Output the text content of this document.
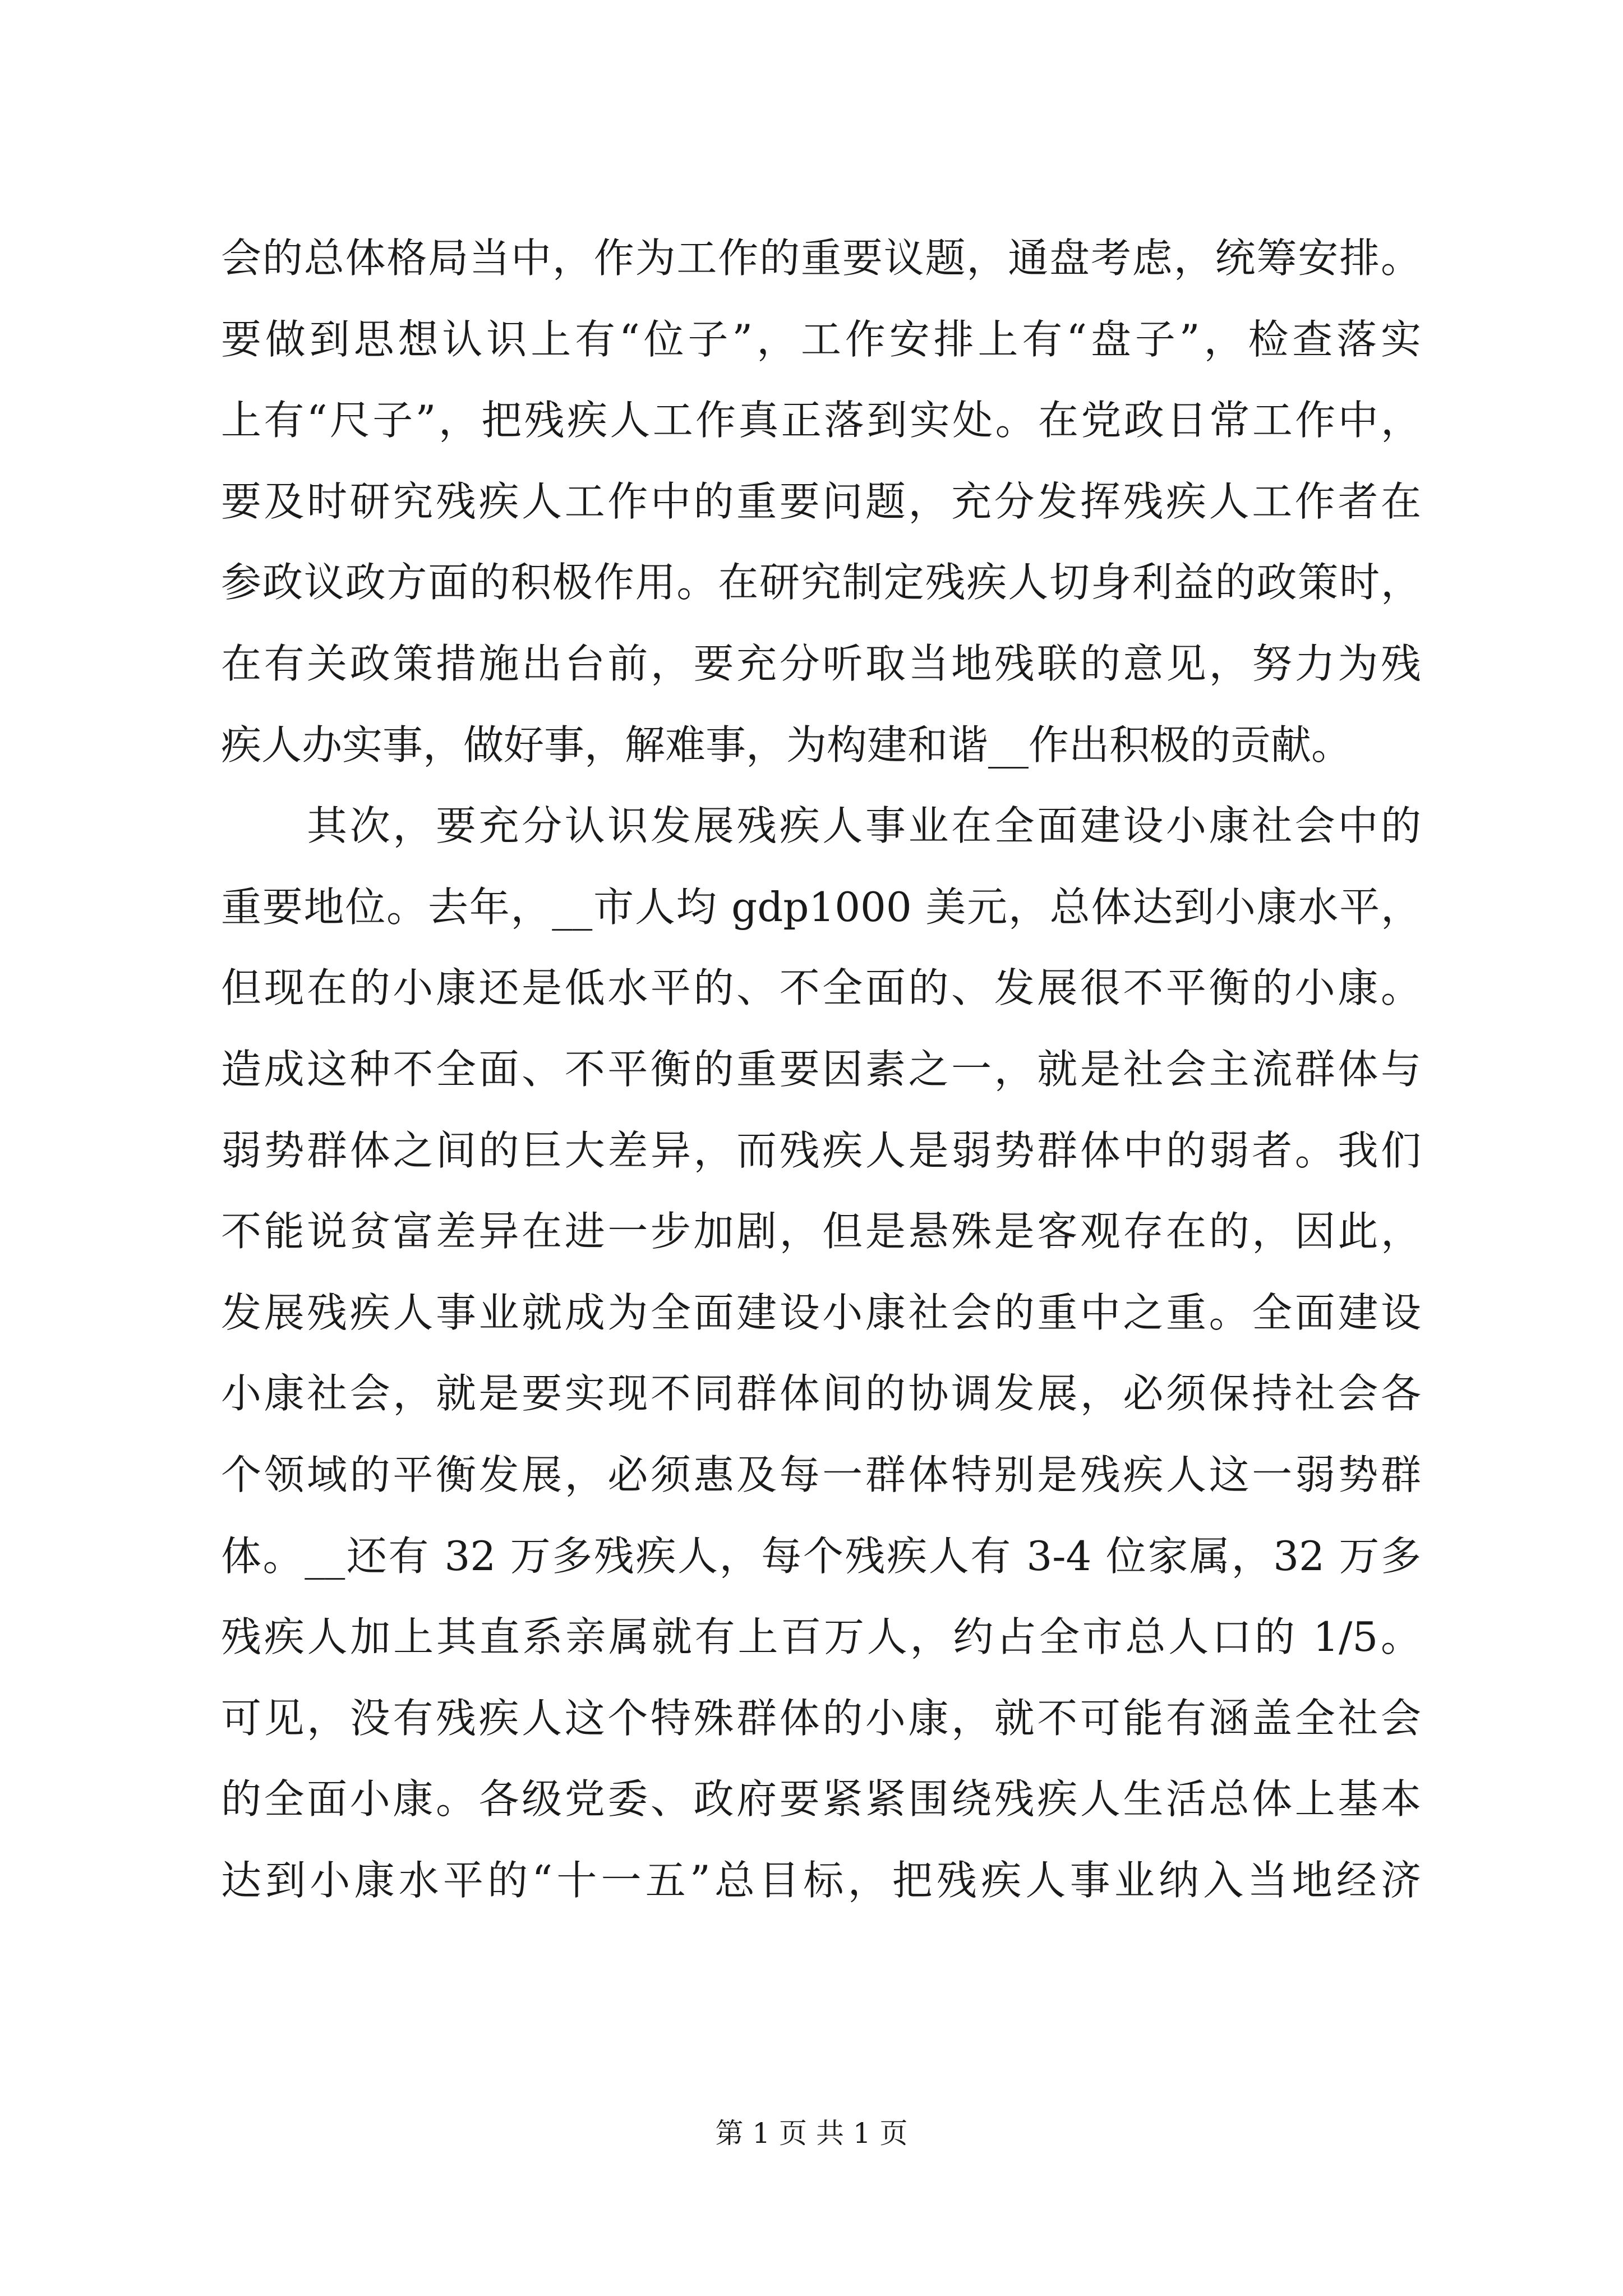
会的总体格局当中，作为工作的重要议题，通盘考虑，统筹安排。
要做到思想认识上有“位子”，工作安排上有“盘子”，检查落实
上有“尺子”，把残疾人工作真正落到实处。在党政日常工作中，
要及时研究残疾人工作中的重要问题，充分发挥残疾人工作者在
参政议政方面的积极作用。在研究制定残疾人切身利益的政策时，
在有关政策措施出台前，要充分听取当地残联的意见，努力为残
疾人办实事，做好事，解难事，为构建和谐__作出积极的贡献。
　　其次，要充分认识发展残疾人事业在全面建设小康社会中的
重要地位。去年，__市人均 gdp1000 美元，总体达到小康水平，
但现在的小康还是低水平的、不全面的、发展很不平衡的小康。
造成这种不全面、不平衡的重要因素之一，就是社会主流群体与
弱势群体之间的巨大差异，而残疾人是弱势群体中的弱者。我们
不能说贫富差异在进一步加剧，但是悬殊是客观存在的，因此，
发展残疾人事业就成为全面建设小康社会的重中之重。全面建设
小康社会，就是要实现不同群体间的协调发展，必须保持社会各
个领域的平衡发展，必须惠及每一群体特别是残疾人这一弱势群
体。__还有 32 万多残疾人，每个残疾人有 3-4 位家属，32 万多
残疾人加上其直系亲属就有上百万人，约占全市总人口的 1/5。
可见，没有残疾人这个特殊群体的小康，就不可能有涵盖全社会
的全面小康。各级党委、政府要紧紧围绕残疾人生活总体上基本
达到小康水平的“十一五”总目标，把残疾人事业纳入当地经济
第 1 页 共 1 页
